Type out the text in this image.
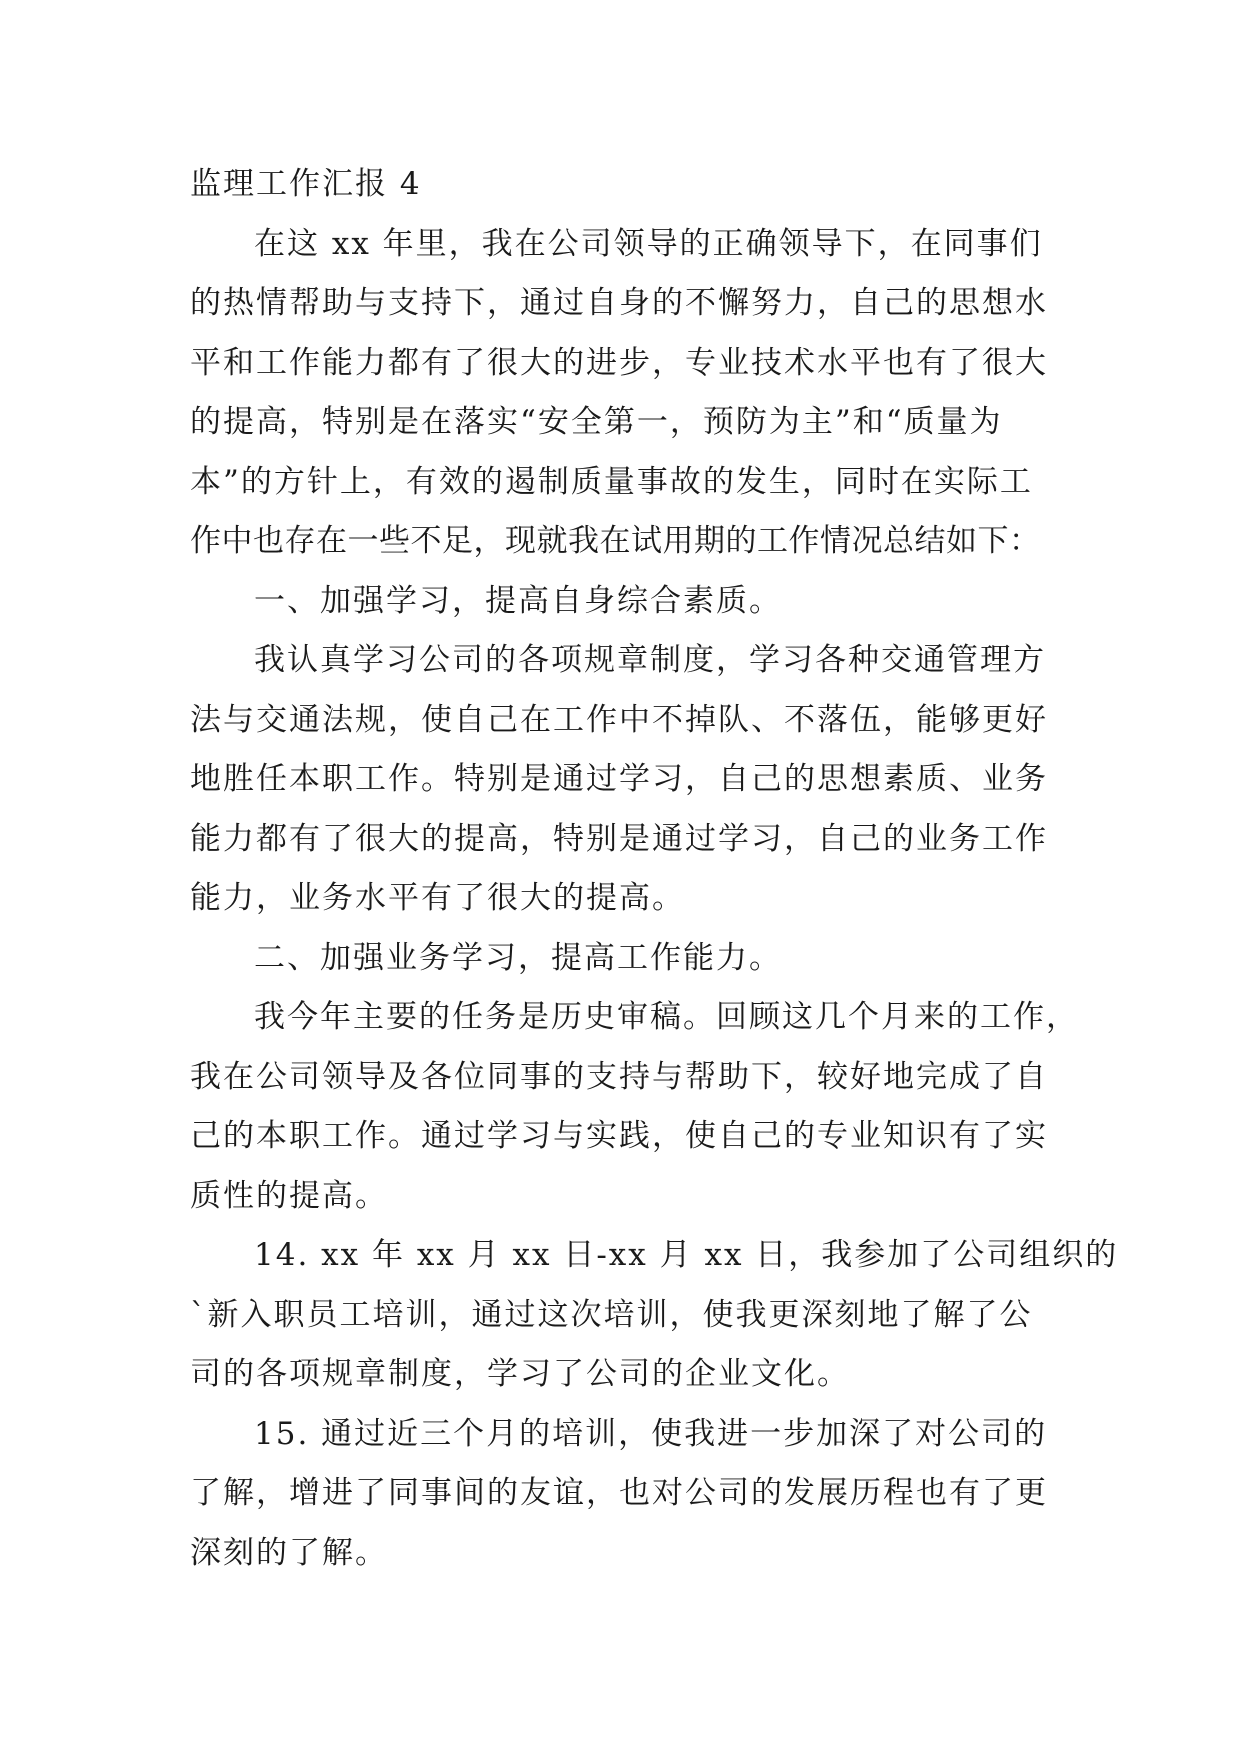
监理工作汇报 4
在这 xx 年里，我在公司领导的正确领导下，在同事们
的热情帮助与支持下，通过自身的不懈努力，自己的思想水
平和工作能力都有了很大的进步，专业技术水平也有了很大
的提高，特别是在落实“安全第一，预防为主”和“质量为
本”的方针上，有效的遏制质量事故的发生，同时在实际工
作中也存在一些不足，现就我在试用期的工作情况总结如下：
一、加强学习，提高自身综合素质。
我认真学习公司的各项规章制度，学习各种交通管理方
法与交通法规，使自己在工作中不掉队、不落伍，能够更好
地胜任本职工作。特别是通过学习，自己的思想素质、业务
能力都有了很大的提高，特别是通过学习，自己的业务工作
能力，业务水平有了很大的提高。
二、加强业务学习，提高工作能力。
我今年主要的任务是历史审稿。回顾这几个月来的工作，
我在公司领导及各位同事的支持与帮助下，较好地完成了自
己的本职工作。通过学习与实践，使自己的专业知识有了实
质性的提高。
14. xx 年 xx 月 xx 日-xx 月 xx 日，我参加了公司组织的
`新入职员工培训，通过这次培训，使我更深刻地了解了公
司的各项规章制度，学习了公司的企业文化。
15. 通过近三个月的培训，使我进一步加深了对公司的
了解，增进了同事间的友谊，也对公司的发展历程也有了更
深刻的了解。
